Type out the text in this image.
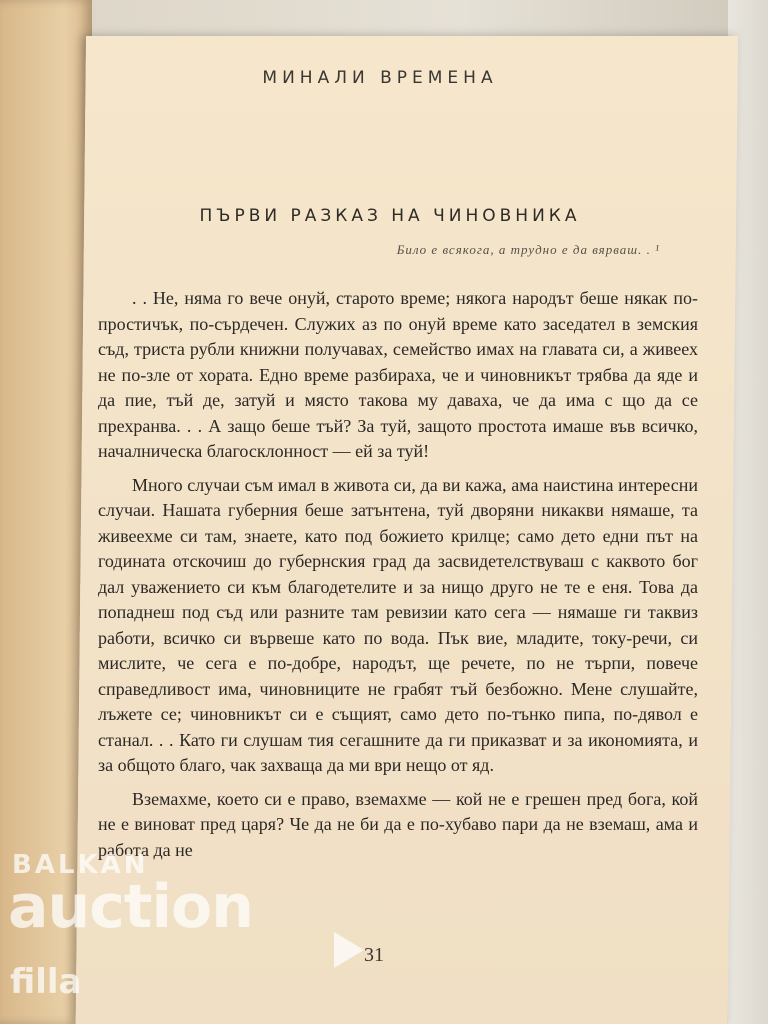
МИНАЛИ ВРЕМЕНА
ПЪРВИ РАЗКАЗ НА ЧИНОВНИКА
Било е всякога, а трудно е да вярваш. . ¹

. . Не, няма го вече онуй, старото време; някога народът беше някак по-простичък, по-сърдечен. Служих аз по онуй време като заседател в земския съд, триста рубли книжни получавах, семейство имах на главата си, а живеех не по-зле от хората. Едно време разбираха, че и чиновникът трябва да яде и да пие, тъй де, затуй и място такова му даваха, че да има с що да се прехранва. . . А защо беше тъй? За туй, защото простота имаше във всичко, началническа благосклонност — ей за туй!

Много случаи съм имал в живота си, да ви кажа, ама наистина интересни случаи. Нашата губерния беше затънтена, туй дворяни никакви нямаше, та живеехме си там, знаете, като под божието крилце; само дето едни път на годината отскочиш до губернския град да засвидетелствуваш с каквото бог дал уважението си към благодетелите и за нищо друго не те е еня. Това да попаднеш под съд или разните там ревизии като сега — нямаше ги таквиз работи, всичко си вървеше като по вода. Пък вие, младите, току-речи, си мислите, че сега е по-добре, народът, ще речете, по не търпи, повече справедливост има, чиновниците не грабят тъй безбожно. Мене слушайте, лъжете се; чиновникът си е същият, само дето по-тънко пипа, по-дявол е станал. . . Като ги слушам тия сегашните да ги приказват и за икономията, и за общото благо, чак захваща да ми ври нещо от яд.

Вземахме, което си е право, вземахме — кой не е грешен пред бога, кой не е виноват пред царя? Че да не би да е по-хубаво пари да не вземаш, ама и работа да не

31
BALKAN
auction
filla
